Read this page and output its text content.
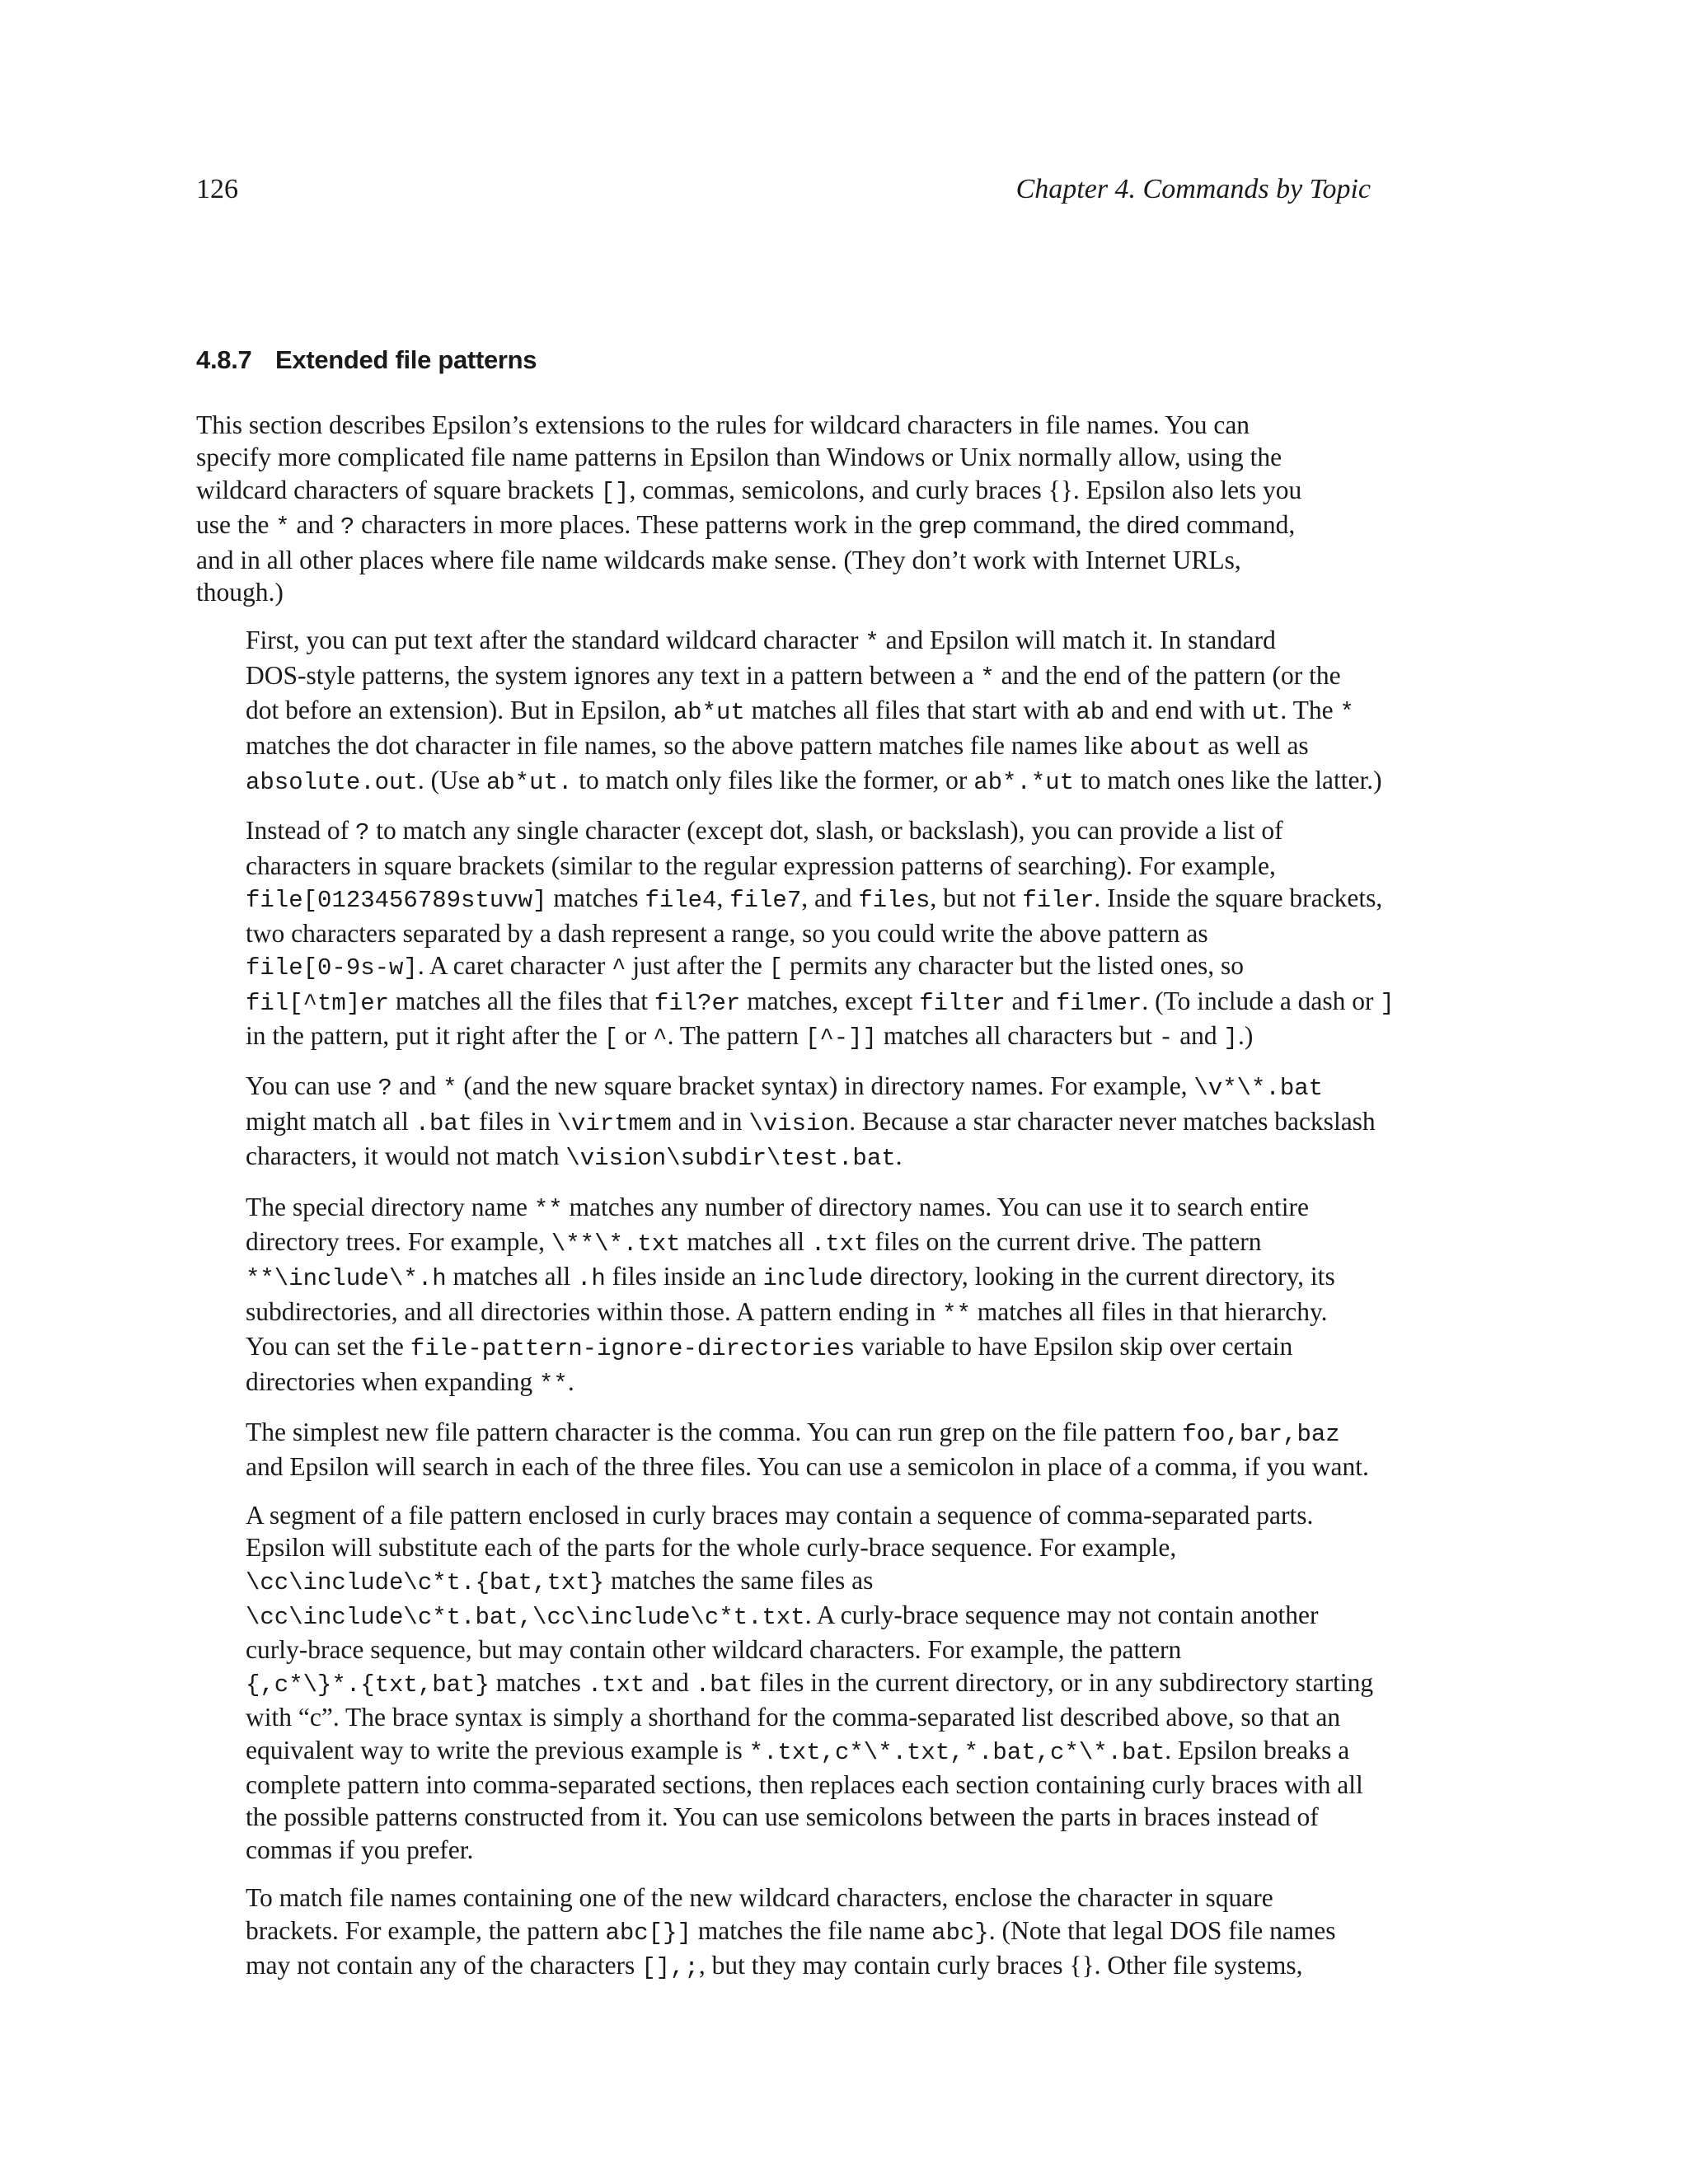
126	Chapter 4. Commands by Topic
4.8.7 Extended file patterns

This section describes Epsilon’s extensions to the rules for wildcard characters in file names. You can
specify more complicated file name patterns in Epsilon than Windows or Unix normally allow, using the
wildcard characters of square brackets [], commas, semicolons, and curly braces {}. Epsilon also lets you
use the * and ? characters in more places. These patterns work in the grep command, the dired command,
and in all other places where file name wildcards make sense. (They don’t work with Internet URLs,
though.)

First, you can put text after the standard wildcard character * and Epsilon will match it. In standard
DOS-style patterns, the system ignores any text in a pattern between a * and the end of the pattern (or the
dot before an extension). But in Epsilon, ab*ut matches all files that start with ab and end with ut. The *
matches the dot character in file names, so the above pattern matches file names like about as well as
absolute.out. (Use ab*ut. to match only files like the former, or ab*.*ut to match ones like the latter.)

Instead of ? to match any single character (except dot, slash, or backslash), you can provide a list of
characters in square brackets (similar to the regular expression patterns of searching). For example,
file[0123456789stuvw] matches file4, file7, and files, but not filer. Inside the square brackets,
two characters separated by a dash represent a range, so you could write the above pattern as
file[0-9s-w]. A caret character ^ just after the [ permits any character but the listed ones, so
fil[^tm]er matches all the files that fil?er matches, except filter and filmer. (To include a dash or ]
in the pattern, put it right after the [ or ^. The pattern [^-]] matches all characters but - and ].)

You can use ? and * (and the new square bracket syntax) in directory names. For example, \v*\*.bat
might match all .bat files in \virtmem and in \vision. Because a star character never matches backslash
characters, it would not match \vision\subdir\test.bat.

The special directory name ** matches any number of directory names. You can use it to search entire
directory trees. For example, \**\*.txt matches all .txt files on the current drive. The pattern
**\include\*.h matches all .h files inside an include directory, looking in the current directory, its
subdirectories, and all directories within those. A pattern ending in ** matches all files in that hierarchy.
You can set the file-pattern-ignore-directories variable to have Epsilon skip over certain
directories when expanding **.

The simplest new file pattern character is the comma. You can run grep on the file pattern foo,bar,baz
and Epsilon will search in each of the three files. You can use a semicolon in place of a comma, if you want.

A segment of a file pattern enclosed in curly braces may contain a sequence of comma-separated parts.
Epsilon will substitute each of the parts for the whole curly-brace sequence. For example,
\cc\include\c*t.{bat,txt} matches the same files as
\cc\include\c*t.bat,\cc\include\c*t.txt. A curly-brace sequence may not contain another
curly-brace sequence, but may contain other wildcard characters. For example, the pattern
{,c*\}*.{txt,bat} matches .txt and .bat files in the current directory, or in any subdirectory starting
with “c”. The brace syntax is simply a shorthand for the comma-separated list described above, so that an
equivalent way to write the previous example is *.txt,c*\*.txt,*.bat,c*\*.bat. Epsilon breaks a
complete pattern into comma-separated sections, then replaces each section containing curly braces with all
the possible patterns constructed from it. You can use semicolons between the parts in braces instead of
commas if you prefer.

To match file names containing one of the new wildcard characters, enclose the character in square
brackets. For example, the pattern abc[}] matches the file name abc}. (Note that legal DOS file names
may not contain any of the characters [],;, but they may contain curly braces {}. Other file systems,
